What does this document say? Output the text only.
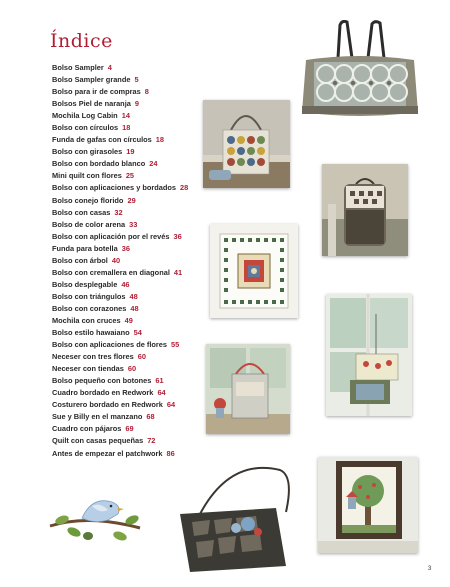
Índice
Bolso Sampler 4
Bolso Sampler grande 5
Bolso para ir de compras 8
Bolsos Piel de naranja 9
Mochila Log Cabin 14
Bolso con círculos 18
Funda de gafas con círculos 18
Bolso con girasoles 19
Bolso con bordado blanco 24
Mini quilt con flores 25
Bolso con aplicaciones y bordados 28
Bolso conejo florido 29
Bolso con casas 32
Bolso de color arena 33
Bolso con aplicación por el revés 36
Funda para botella 36
Bolso con árbol 40
Bolso con cremallera en diagonal 41
Bolso desplegable 46
Bolso con triángulos 48
Bolso con corazones 48
Mochila con cruces 49
Bolso estilo hawaiano 54
Bolso con aplicaciones de flores 55
Neceser con tres flores 60
Neceser con tiendas 60
Bolso pequeño con botones 61
Cuadro bordado en Redwork 64
Costurero bordado en Redwork 64
Sue y Billy en el manzano 68
Cuadro con pájaros 69
Quilt con casas pequeñas 72
Antes de empezar el patchwork 86
3
